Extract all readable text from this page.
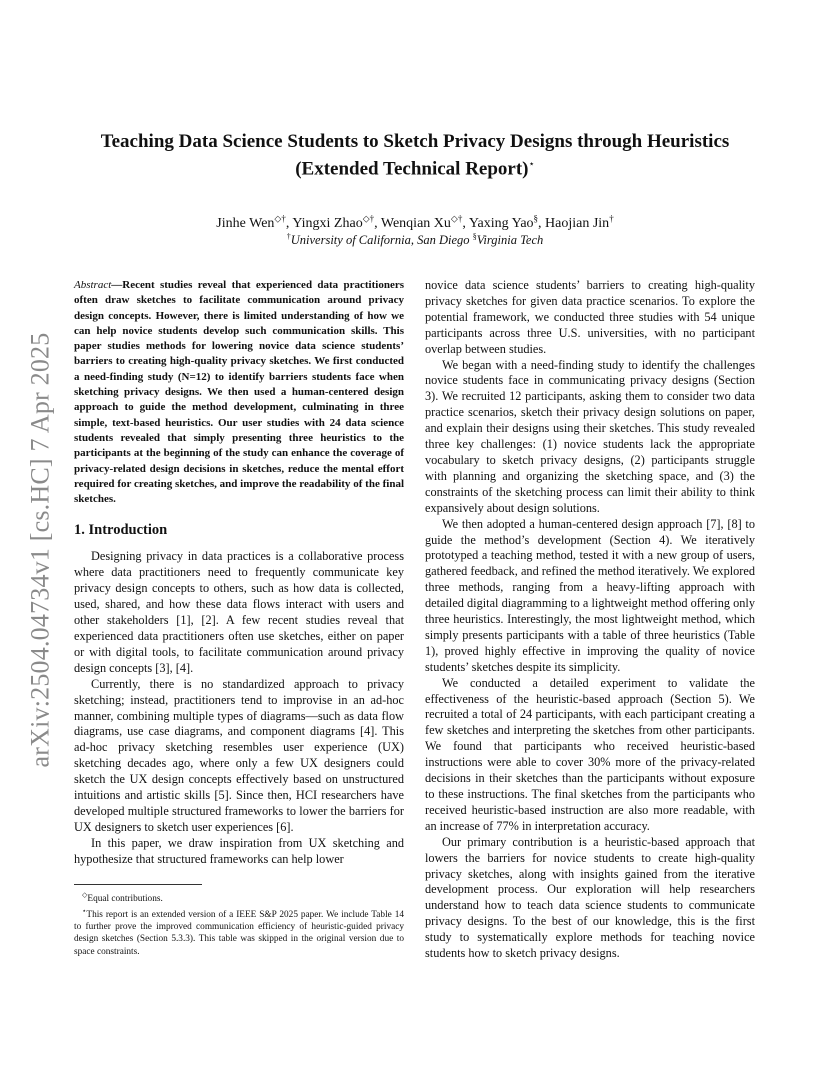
arXiv:2504.04734v1 [cs.HC] 7 Apr 2025
Teaching Data Science Students to Sketch Privacy Designs through Heuristics
(Extended Technical Report)⋆
Jinhe Wen◇†, Yingxi Zhao◇†, Wenqian Xu◇†, Yaxing Yao§, Haojian Jin†
†University of California, San Diego §Virginia Tech

Abstract—Recent studies reveal that experienced data practitioners often draw sketches to facilitate communication around privacy design concepts. However, there is limited understanding of how we can help novice students develop such communication skills. This paper studies methods for lowering novice data science students’ barriers to creating high-quality privacy sketches. We first conducted a need-finding study (N=12) to identify barriers students face when sketching privacy designs. We then used a human-centered design approach to guide the method development, culminating in three simple, text-based heuristics. Our user studies with 24 data science students revealed that simply presenting three heuristics to the participants at the beginning of the study can enhance the coverage of privacy-related design decisions in sketches, reduce the mental effort required for creating sketches, and improve the readability of the final sketches.

1. Introduction

Designing privacy in data practices is a collaborative process where data practitioners need to frequently communicate key privacy design concepts to others, such as how data is collected, used, shared, and how these data flows interact with users and other stakeholders [1], [2]. A few recent studies reveal that experienced data practitioners often use sketches, either on paper or with digital tools, to facilitate communication around privacy design concepts [3], [4].

Currently, there is no standardized approach to privacy sketching; instead, practitioners tend to improvise in an ad-hoc manner, combining multiple types of diagrams—such as data flow diagrams, use case diagrams, and component diagrams [4]. This ad-hoc privacy sketching resembles user experience (UX) sketching decades ago, where only a few UX designers could sketch the UX design concepts effectively based on unstructured intuitions and artistic skills [5]. Since then, HCI researchers have developed multiple structured frameworks to lower the barriers for UX designers to sketch user experiences [6].

In this paper, we draw inspiration from UX sketching and hypothesize that structured frameworks can help lower

◇Equal contributions.

⋆This report is an extended version of a IEEE S&P 2025 paper. We include Table 14 to further prove the improved communication efficiency of heuristic-guided privacy design sketches (Section 5.3.3). This table was skipped in the original version due to space constraints.

novice data science students’ barriers to creating high-quality privacy sketches for given data practice scenarios. To explore the potential framework, we conducted three studies with 54 unique participants across three U.S. universities, with no participant overlap between studies.

We began with a need-finding study to identify the challenges novice students face in communicating privacy designs (Section 3). We recruited 12 participants, asking them to consider two data practice scenarios, sketch their privacy design solutions on paper, and explain their designs using their sketches. This study revealed three key challenges: (1) novice students lack the appropriate vocabulary to sketch privacy designs, (2) participants struggle with planning and organizing the sketching space, and (3) the constraints of the sketching process can limit their ability to think expansively about design solutions.

We then adopted a human-centered design approach [7], [8] to guide the method’s development (Section 4). We iteratively prototyped a teaching method, tested it with a new group of users, gathered feedback, and refined the method iteratively. We explored three methods, ranging from a heavy-lifting approach with detailed digital diagramming to a lightweight method offering only three heuristics. Interestingly, the most lightweight method, which simply presents participants with a table of three heuristics (Table 1), proved highly effective in improving the quality of novice students’ sketches despite its simplicity.

We conducted a detailed experiment to validate the effectiveness of the heuristic-based approach (Section 5). We recruited a total of 24 participants, with each participant creating a few sketches and interpreting the sketches from other participants. We found that participants who received heuristic-based instructions were able to cover 30% more of the privacy-related decisions in their sketches than the participants without exposure to these instructions. The final sketches from the participants who received heuristic-based instruction are also more readable, with an increase of 77% in interpretation accuracy.

Our primary contribution is a heuristic-based approach that lowers the barriers for novice students to create high-quality privacy sketches, along with insights gained from the iterative development process. Our exploration will help researchers understand how to teach data science students to communicate privacy designs. To the best of our knowledge, this is the first study to systematically explore methods for teaching novice students how to sketch privacy designs.
